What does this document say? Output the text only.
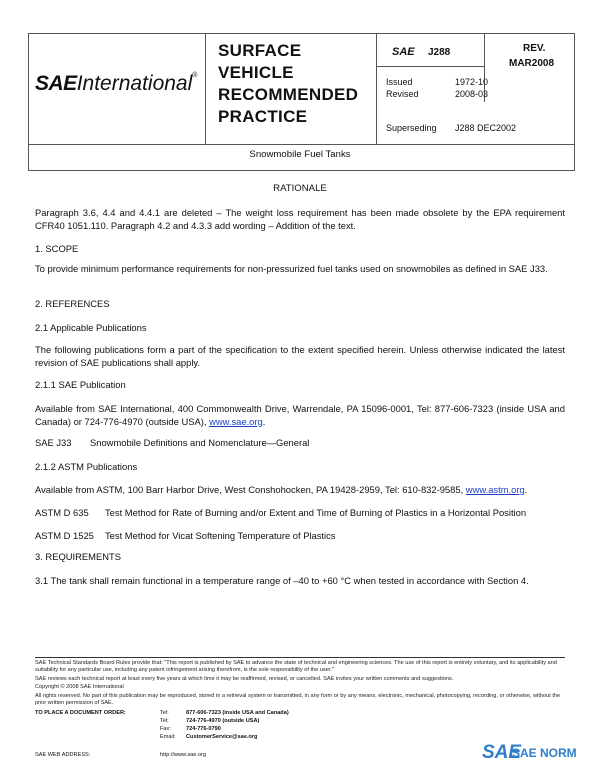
SAEInternational®
SURFACE
VEHICLE
RECOMMENDED
PRACTICE
SAE J288	REV.
MAR2008
Issued	1972-10
Revised	2008-03
Superseding J288 DEC2002
Snowmobile Fuel Tanks
RATIONALE
Paragraph 3.6, 4.4 and 4.4.1 are deleted – The weight loss requirement has been made obsolete by the EPA requirement CFR40 1051.110. Paragraph 4.2 and 4.3.3 add wording – Addition of the text.
1. SCOPE
To provide minimum performance requirements for non-pressurized fuel tanks used on snowmobiles as defined in SAE J33.
2. REFERENCES
2.1 Applicable Publications
The following publications form a part of the specification to the extent specified herein. Unless otherwise indicated the latest revision of SAE publications shall apply.
2.1.1 SAE Publication
Available from SAE International, 400 Commonwealth Drive, Warrendale, PA 15096-0001, Tel: 877-606-7323 (inside USA and Canada) or 724-776-4970 (outside USA), www.sae.org.
SAE J33 Snowmobile Definitions and Nomenclature—General
2.1.2 ASTM Publications
Available from ASTM, 100 Barr Harbor Drive, West Conshohocken, PA 19428-2959, Tel: 610-832-9585, www.astm.org.
ASTM D 635 Test Method for Rate of Burning and/or Extent and Time of Burning of Plastics in a Horizontal Position
ASTM D 1525 Test Method for Vicat Softening Temperature of Plastics
3. REQUIREMENTS
3.1 The tank shall remain functional in a temperature range of –40 to +60 °C when tested in accordance with Section 4.
SAE Technical Standards Board Rules provide that: "This report is published by SAE to advance the state of technical and engineering sciences. The use of this report is entirely voluntary, and its applicability and suitability for any particular use, including any patent infringement arising therefrom, is the sole responsibility of the user."
SAE reviews each technical report at least every five years at which time it may be reaffirmed, revised, or cancelled. SAE invites your written comments and suggestions.
Copyright © 2008 SAE International
All rights reserved. No part of this publication may be reproduced, stored in a retrieval system or transmitted, in any form or by any means, electronic, mechanical, photocopying, recording, or otherwise, without the prior written permission of SAE.
TO PLACE A DOCUMENT ORDER:	Tel:	877-606-7323 (inside USA and Canada)
Tel:	724-776-4970 (outside USA)
Fax:	724-776-0790
Email: CustomerService@sae.org
SAE WEB ADDRESS:	http://www.sae.org	SAE
SAE NORM
